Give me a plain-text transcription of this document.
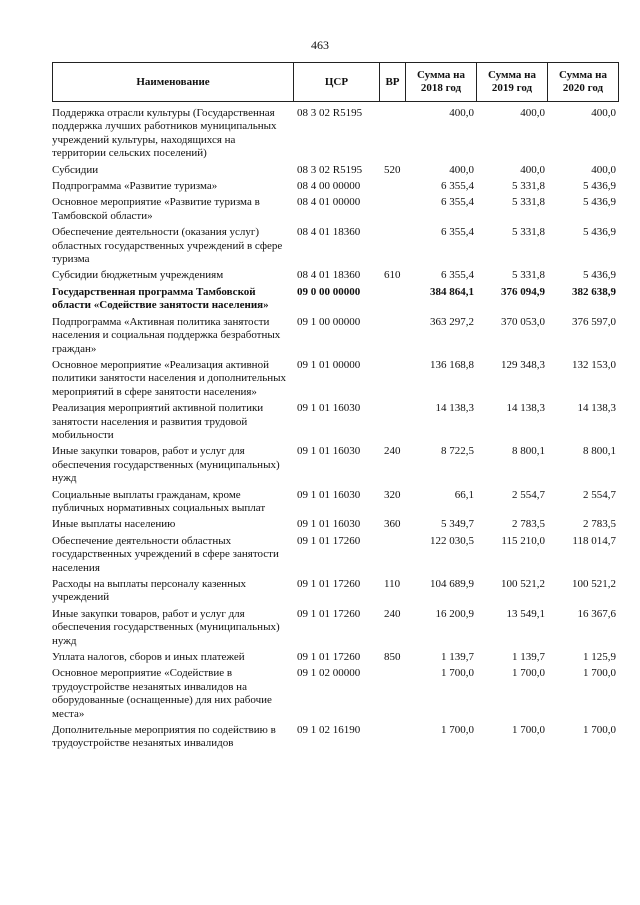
463
Наименование	ЦСР	ВР	Сумма на 2018 год	Сумма на 2019 год	Сумма на 2020 год
Поддержка отрасли культуры (Государственная поддержка лучших работников муниципальных учреждений культуры, находящихся на территории сельских поселений)	08 3 02 R5195		400,0	400,0	400,0
Субсидии	08 3 02 R5195	520	400,0	400,0	400,0
Подпрограмма «Развитие туризма»	08 4 00 00000		6 355,4	5 331,8	5 436,9
Основное мероприятие «Развитие туризма в Тамбовской области»	08 4 01 00000		6 355,4	5 331,8	5 436,9
Обеспечение деятельности (оказания услуг) областных государственных учреждений в сфере туризма	08 4 01 18360		6 355,4	5 331,8	5 436,9
Субсидии бюджетным учреждениям	08 4 01 18360	610	6 355,4	5 331,8	5 436,9
Государственная программа Тамбовской области «Содействие занятости населения»	09 0 00 00000		384 864,1	376 094,9	382 638,9
Подпрограмма «Активная политика занятости населения и социальная поддержка безработных граждан»	09 1 00 00000		363 297,2	370 053,0	376 597,0
Основное мероприятие «Реализация активной политики занятости населения и дополнительных мероприятий в сфере занятости населения»	09 1 01 00000		136 168,8	129 348,3	132 153,0
Реализация мероприятий активной политики занятости населения и развития трудовой мобильности	09 1 01 16030		14 138,3	14 138,3	14 138,3
Иные закупки товаров, работ и услуг для обеспечения государственных (муниципальных) нужд	09 1 01 16030	240	8 722,5	8 800,1	8 800,1
Социальные выплаты гражданам, кроме публичных нормативных социальных выплат	09 1 01 16030	320	66,1	2 554,7	2 554,7
Иные выплаты населению	09 1 01 16030	360	5 349,7	2 783,5	2 783,5
Обеспечение деятельности областных государственных учреждений в сфере занятости населения	09 1 01 17260		122 030,5	115 210,0	118 014,7
Расходы на выплаты персоналу казенных учреждений	09 1 01 17260	110	104 689,9	100 521,2	100 521,2
Иные закупки товаров, работ и услуг для обеспечения государственных (муниципальных) нужд	09 1 01 17260	240	16 200,9	13 549,1	16 367,6
Уплата налогов, сборов и иных платежей	09 1 01 17260	850	1 139,7	1 139,7	1 125,9
Основное мероприятие «Содействие в трудоустройстве незанятых инвалидов на оборудованные (оснащенные) для них рабочие места»	09 1 02 00000		1 700,0	1 700,0	1 700,0
Дополнительные мероприятия по содействию в трудоустройстве незанятых инвалидов	09 1 02 16190		1 700,0	1 700,0	1 700,0
